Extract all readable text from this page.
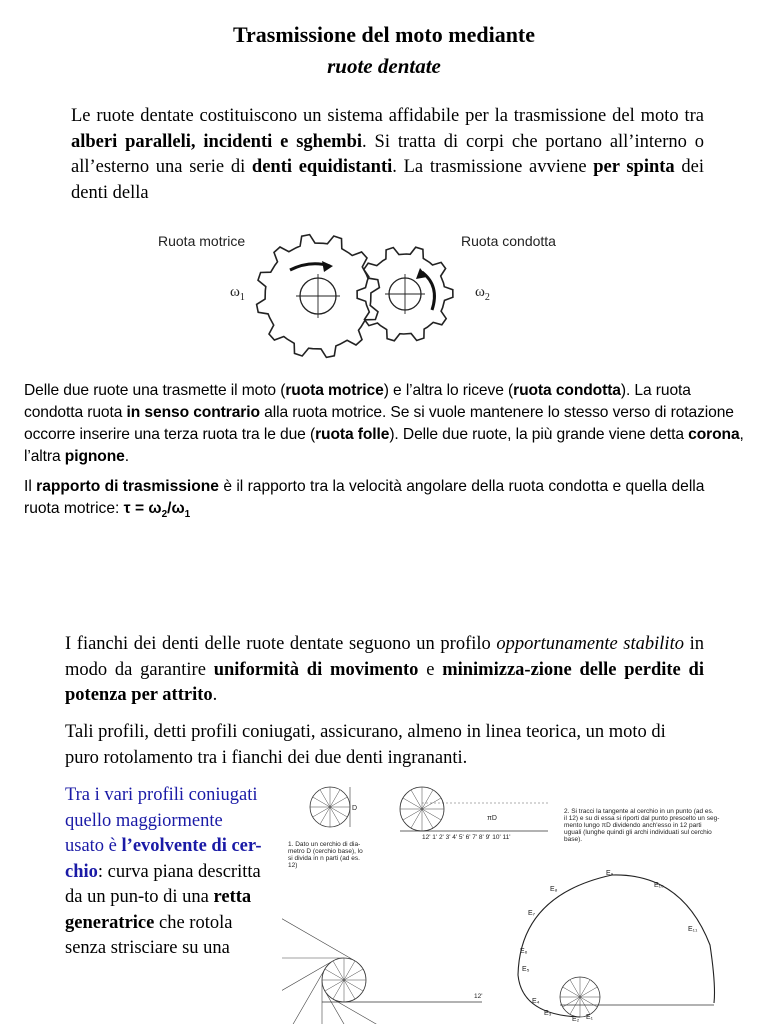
Trasmissione del moto mediante
ruote dentate
Le ruote dentate costituiscono un sistema affidabile per la trasmissione del moto tra alberi paralleli, incidenti e sghembi. Si tratta di corpi che portano all’interno o all’esterno una serie di denti equidistanti. La trasmissione avviene per spinta dei denti della
Ruota motrice	Ruota condotta
$\omega_1$	$\omega_2$
Delle due ruote una trasmette il moto (ruota motrice) e l’altra lo riceve (ruota condotta). La ruota condotta ruota in senso contrario alla ruota motrice. Se si vuole mantenere lo stesso verso di rotazione occorre inserire una terza ruota tra le due (ruota folle). Delle due ruote, la più grande viene detta corona, l’altra pignone.
Il rapporto di trasmissione è il rapporto tra la velocità angolare della ruota condotta e quella della ruota motrice: $\tau = \omega_2/\omega_1$
I fianchi dei denti delle ruote dentate seguono un profilo opportunamente stabilito in modo da garantire uniformità di movimento e minimizza-zione delle perdite di potenza per attrito.
Tali profili, detti profili coniugati, assicurano, almeno in linea teorica, un moto di puro rotolamento tra i fianchi dei due denti ingrananti.
Tra i vari profili coniugati quello maggiormente usato è l’evolvente di cer-chio: curva piana descritta da un pun-to di una retta generatrice che rotola senza strisciare su una
D
1. Dato un cerchio di dia- metro D (cerchio base), lo si divida in n parti (ad es. 12)
πD
12' 1' 2' 3' 4' 5' 6' 7' 8' 9' 10' 11'
2. Si tracci la tangente al cerchio in un punto (ad es. il 12) e su di essa si riporti dal punto prescelto un seg- mento lungo πD dividendo anch'esso in 12 parti uguali (lunghe quindi gli archi individuati sul cerchio base).
12'
E₁
E₂
E₃
E₄
E₅
E₆
E₇
E₈
E₉
E₁₀
E₁₁
